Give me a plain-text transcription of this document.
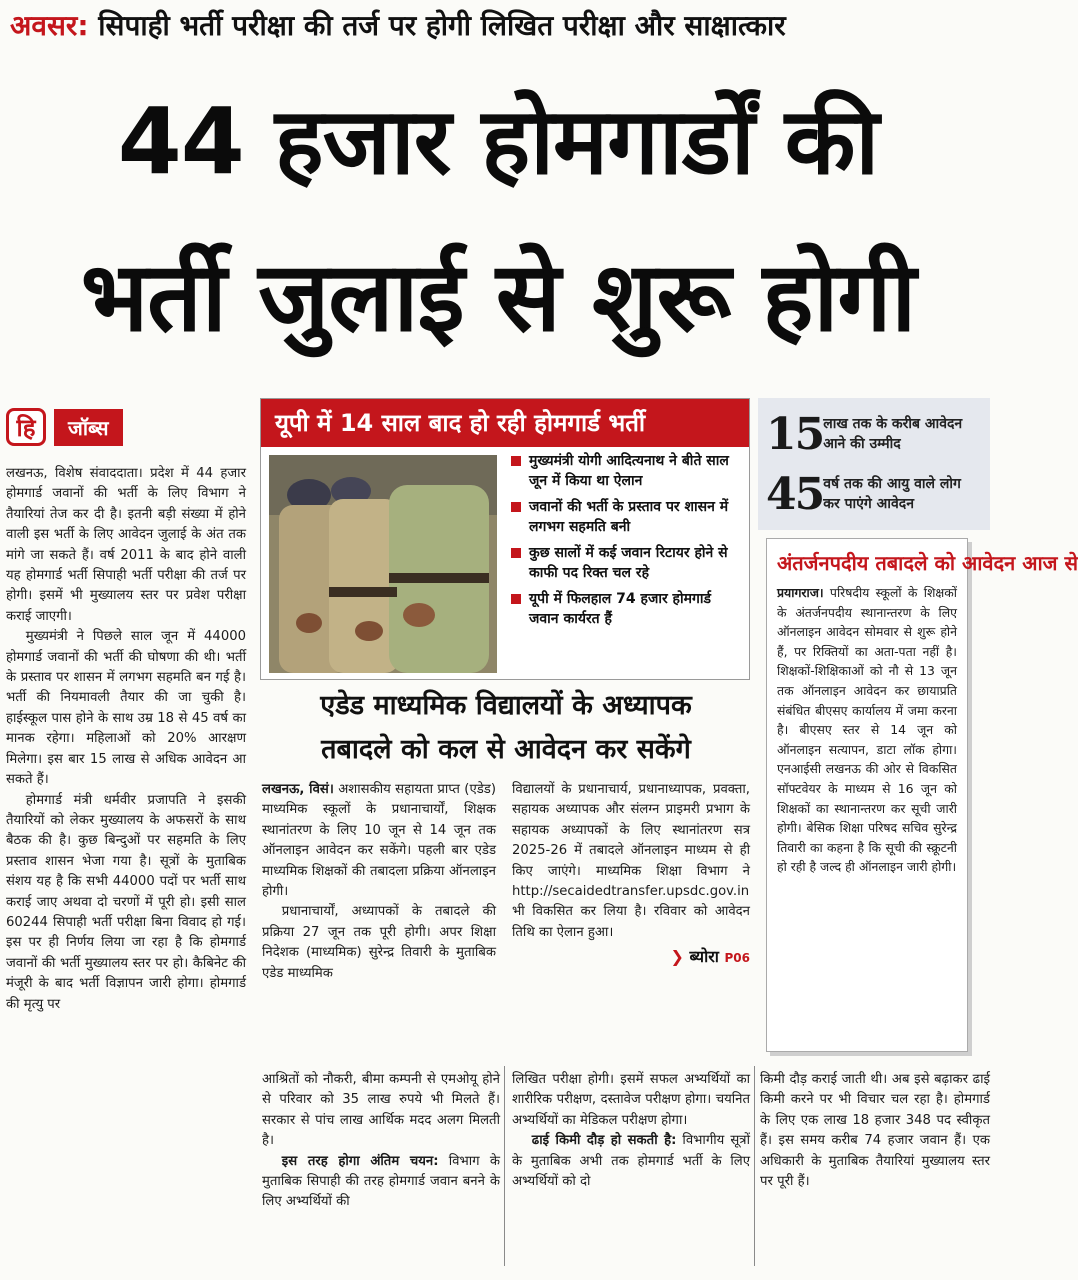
अवसर: सिपाही भर्ती परीक्षा की तर्ज पर होगी लिखित परीक्षा और साक्षात्कार
44 हजार होमगार्डों की
भर्ती जुलाई से शुरू होगी
हि	जॉब्स

लखनऊ, विशेष संवाददाता। प्रदेश में 44 हजार होमगार्ड जवानों की भर्ती के लिए विभाग ने तैयारियां तेज कर दी है। इतनी बड़ी संख्या में होने वाली इस भर्ती के लिए आवेदन जुलाई के अंत तक मांगे जा सकते हैं। वर्ष 2011 के बाद होने वाली यह होमगार्ड भर्ती सिपाही भर्ती परीक्षा की तर्ज पर होगी। इसमें भी मुख्यालय स्तर पर प्रवेश परीक्षा कराई जाएगी।

मुख्यमंत्री ने पिछले साल जून में 44000 होमगार्ड जवानों की भर्ती की घोषणा की थी। भर्ती के प्रस्ताव पर शासन में लगभग सहमति बन गई है। भर्ती की नियमावली तैयार की जा चुकी है। हाईस्कूल पास होने के साथ उम्र 18 से 45 वर्ष का मानक रहेगा। महिलाओं को 20% आरक्षण मिलेगा। इस बार 15 लाख से अधिक आवेदन आ सकते हैं।

होमगार्ड मंत्री धर्मवीर प्रजापति ने इसकी तैयारियों को लेकर मुख्यालय के अफसरों के साथ बैठक की है। कुछ बिन्दुओं पर सहमति के लिए प्रस्ताव शासन भेजा गया है। सूत्रों के मुताबिक संशय यह है कि सभी 44000 पदों पर भर्ती साथ कराई जाए अथवा दो चरणों में पूरी हो। इसी साल 60244 सिपाही भर्ती परीक्षा बिना विवाद हो गई। इस पर ही निर्णय लिया जा रहा है कि होमगार्ड जवानों की भर्ती मुख्यालय स्तर पर हो। कैबिनेट की मंजूरी के बाद भर्ती विज्ञापन जारी होगा। होमगार्ड की मृत्यु पर

यूपी में 14 साल बाद हो रही होमगार्ड भर्ती
मुख्यमंत्री योगी आदित्यनाथ ने बीते साल जून में किया था ऐलान
जवानों की भर्ती के प्रस्ताव पर शासन में लगभग सहमति बनी
कुछ सालों में कई जवान रिटायर होने से काफी पद रिक्त चल रहे
यूपी में फिलहाल 74 हजार होमगार्ड जवान कार्यरत हैं
15 लाख तक के करीब आवेदन आने की उम्मीद
45 वर्ष तक की आयु वाले लोग कर पाएंगे आवेदन
अंतर्जनपदीय तबादले को आवेदन आज से

प्रयागराज। परिषदीय स्कूलों के शिक्षकों के अंतर्जनपदीय स्थानान्तरण के लिए ऑनलाइन आवेदन सोमवार से शुरू होने हैं, पर रिक्तियों का अता-पता नहीं है। शिक्षकों-शिक्षिकाओं को नौ से 13 जून तक ऑनलाइन आवेदन कर छायाप्रति संबंधित बीएसए कार्यालय में जमा करना है। बीएसए स्तर से 14 जून को ऑनलाइन सत्यापन, डाटा लॉक होगा। एनआईसी लखनऊ की ओर से विकसित सॉफ्टवेयर के माध्यम से 16 जून को शिक्षकों का स्थानान्तरण कर सूची जारी होगी। बेसिक शिक्षा परिषद सचिव सुरेन्द्र तिवारी का कहना है कि सूची की स्क्रूटनी हो रही है जल्द ही ऑनलाइन जारी होगी।

एडेड माध्यमिक विद्यालयों के अध्यापक
तबादले को कल से आवेदन कर सकेंगे

लखनऊ, विसं। अशासकीय सहायता प्राप्त (एडेड) माध्यमिक स्कूलों के प्रधानाचार्यों, शिक्षक स्थानांतरण के लिए 10 जून से 14 जून तक ऑनलाइन आवेदन कर सकेंगे। पहली बार एडेड माध्यमिक शिक्षकों की तबादला प्रक्रिया ऑनलाइन होगी।

प्रधानाचार्यों, अध्यापकों के तबादले की प्रक्रिया 27 जून तक पूरी होगी। अपर शिक्षा निदेशक (माध्यमिक) सुरेन्द्र तिवारी के मुताबिक एडेड माध्यमिक

विद्यालयों के प्रधानाचार्य, प्रधानाध्यापक, प्रवक्ता, सहायक अध्यापक और संलग्न प्राइमरी प्रभाग के सहायक अध्यापकों के लिए स्थानांतरण सत्र 2025-26 में तबादले ऑनलाइन माध्यम से ही किए जाएंगे। माध्यमिक शिक्षा विभाग ने http://secaidedtransfer.upsdc.gov.in भी विकसित कर लिया है। रविवार को आवेदन तिथि का ऐलान हुआ।

❯ ब्योरा P06

आश्रितों को नौकरी, बीमा कम्पनी से एमओयू होने से परिवार को 35 लाख रुपये भी मिलते हैं। सरकार से पांच लाख आर्थिक मदद अलग मिलती है।

इस तरह होगा अंतिम चयन: विभाग के मुताबिक सिपाही की तरह होमगार्ड जवान बनने के लिए अभ्यर्थियों की

लिखित परीक्षा होगी। इसमें सफल अभ्यर्थियों का शारीरिक परीक्षण, दस्तावेज परीक्षण होगा। चयनित अभ्यर्थियों का मेडिकल परीक्षण होगा।

ढाई किमी दौड़ हो सकती है: विभागीय सूत्रों के मुताबिक अभी तक होमगार्ड भर्ती के लिए अभ्यर्थियों को दो

किमी दौड़ कराई जाती थी। अब इसे बढ़ाकर ढाई किमी करने पर भी विचार चल रहा है। होमगार्ड के लिए एक लाख 18 हजार 348 पद स्वीकृत हैं। इस समय करीब 74 हजार जवान हैं। एक अधिकारी के मुताबिक तैयारियां मुख्यालय स्तर पर पूरी हैं।
